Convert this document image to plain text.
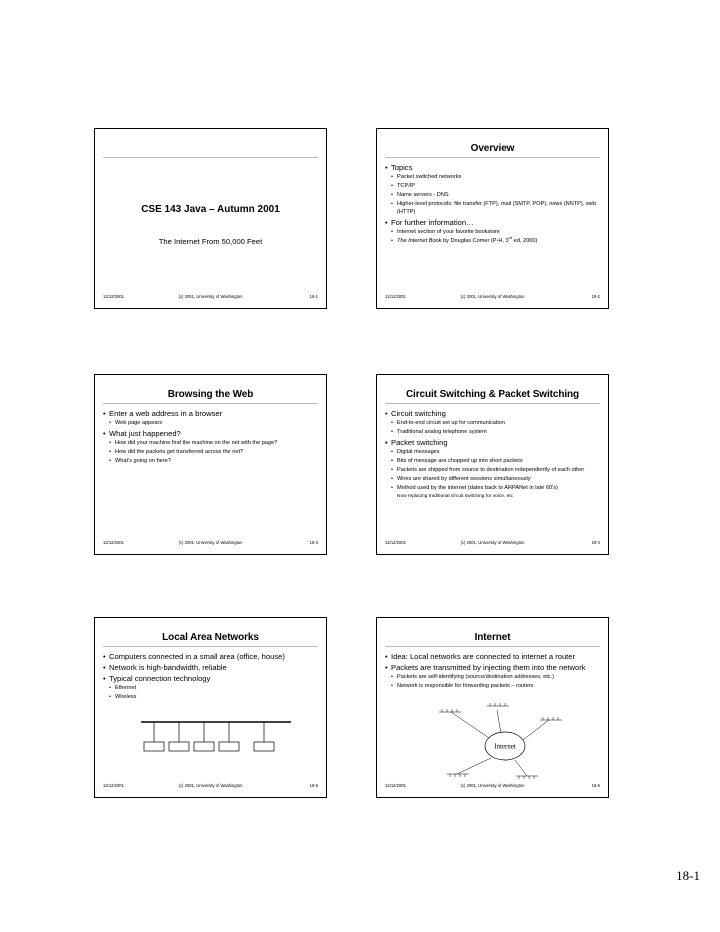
CSE 143 Java – Autumn 2001
The Internet From 50,000 Feet
12/12/2001	(c) 2001, University of Washington	18-1
Overview
• Topics
• Packet switched networks
• TCP/IP
• Name servers - DNS
• Higher-level protocols: file transfer (FTP), mail (SMTP, POP), news (NNTP), web (HTTP)
• For further information…
• Internet section of your favorite bookstore
• The Internet Book by Douglas Comer (P-H, 3rd ed, 2000)
12/12/2001	(c) 2001, University of Washington	18-2
Browsing the Web
• Enter a web address in a browser
• Web page appears
• What just happened?
• How did your machine find the machine on the net with the page?
• How did the packets get transferred across the net?
• What’s going on here?
12/12/2001	(c) 2001, University of Washington	18-3
Circuit Switching & Packet Switching
• Circuit switching
• End-to-end circuit set up for communication
• Traditional analog telephone system
• Packet switching
• Digital messages
• Bits of message are chopped up into short packets
• Packets are shipped from source to destination independently of each other
• Wires are shared by different sessions simultaneously
• Method used by the internet (dates back to ARPANet in late 60’s)
Now replacing traditional circuit switching for voice, etc
12/12/2001	(c) 2001, University of Washington	18-4
Local Area Networks
• Computers connected in a small area (office, house)
• Network is high-bandwidth, reliable
• Typical connection technology
• Ethernet
• Wireless
12/12/2001	(c) 2001, University of Washington	18-5
Internet
• Idea: Local networks are connected to internet a router
• Packets are transmitted by injecting them into the network
• Packets are self-identifying (source/destination addresses, etc.)
• Network is responsible for forwarding packets – routers
Internet
12/12/2001	(c) 2001, University of Washington	18-6
18-1
